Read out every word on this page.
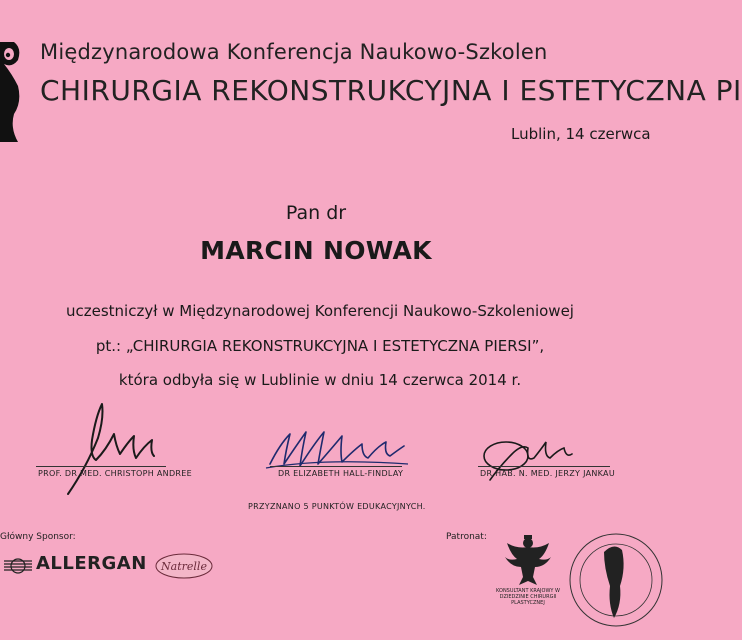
Międzynarodowa Konferencja Naukowo-Szkolen
CHIRURGIA REKONSTRUKCYJNA I ESTETYCZNA PI
Lublin, 14 czerwca
Pan dr
MARCIN NOWAK
uczestniczył w Międzynarodowej Konferencji Naukowo-Szkoleniowej
pt.: „CHIRURGIA REKONSTRUKCYJNA I ESTETYCZNA PIERSI”,
która odbyła się w Lublinie w dniu 14 czerwca 2014 r.
PROF. DR MED. CHRISTOPH ANDREE	DR ELIZABETH HALL-FINDLAY	DR HAB. N. MED. JERZY JANKAU
PRZYZNANO 5 PUNKTÓW EDUKACYJNYCH.
Główny Sponsor:
ALLERGAN Natrelle
Patronat:
KONSULTANT KRAJOWY W DZIEDZINIE CHIRURGII PLASTYCZNEJ
